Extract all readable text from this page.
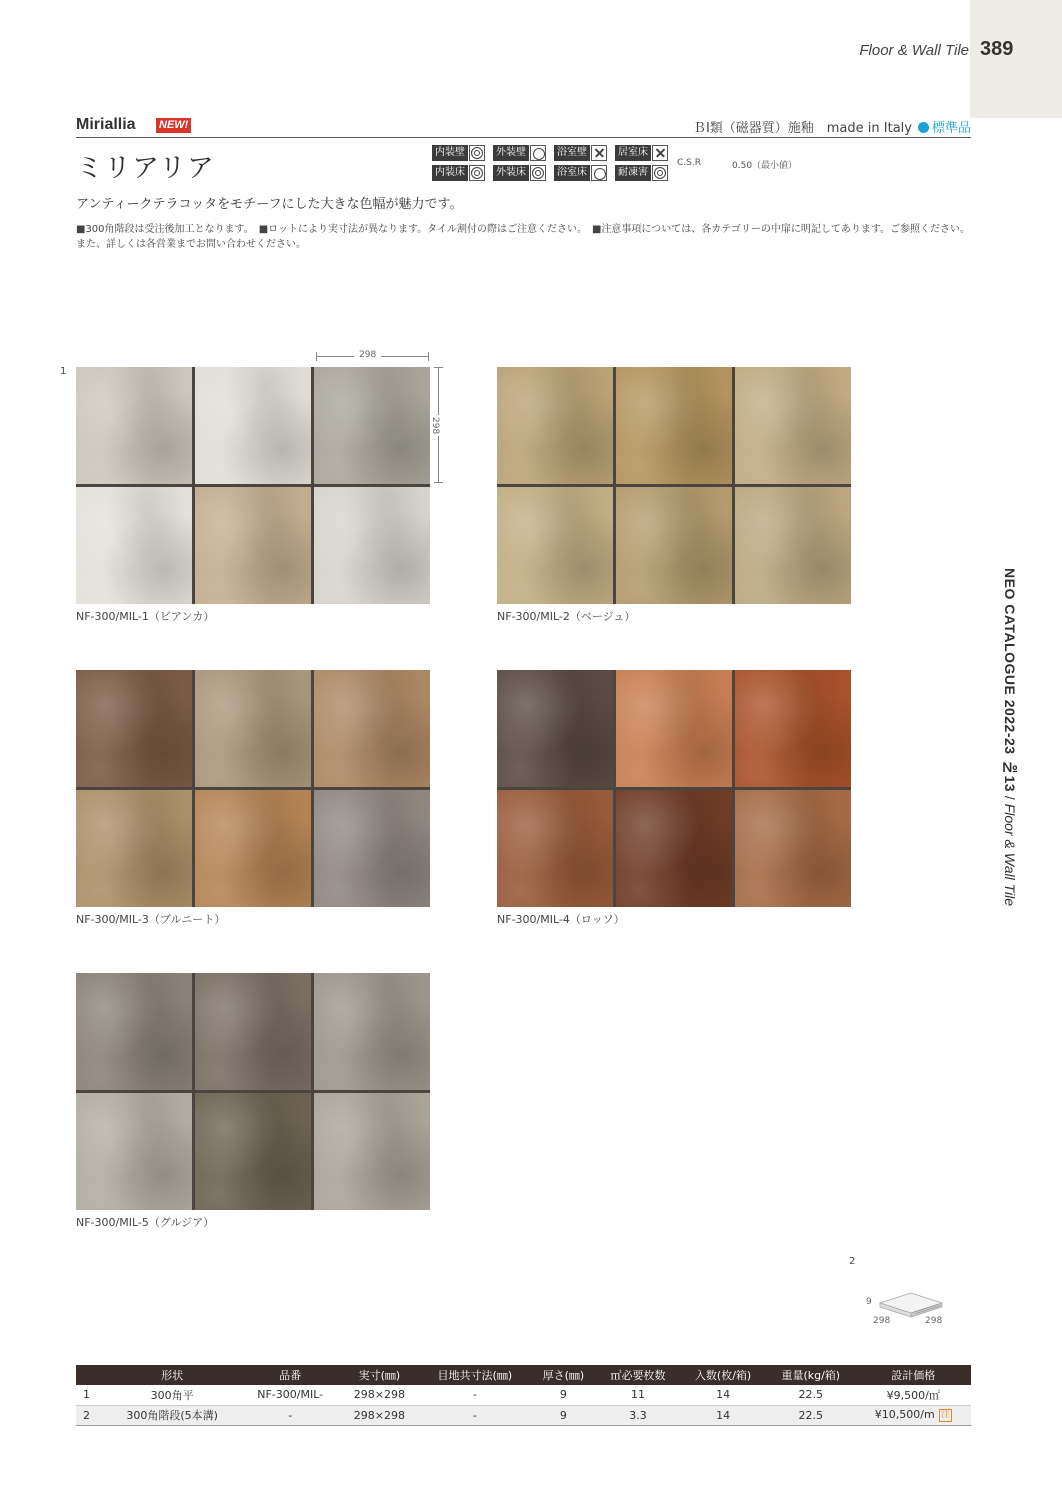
Floor & Wall Tile 389
Miriallia NEW!	ＢⅠ類（磁器質）施釉　made in Italy 標準品
ミリアリア
内装壁	外装壁	浴室壁	居室床
内装床	外装床	浴室床	耐凍害
C.S.R	0.50（最小値）
アンティークテラコッタをモチーフにした大きな色幅が魅力です。
■300角階段は受注後加工となります。　■ロットにより実寸法が異なります。タイル割付の際はご注意ください。　■注意事項については、各カテゴリーの中扉に明記してあります。ご参照ください。また、詳しくは各営業までお問い合わせください。
298
298
1
NF-300/MIL-1（ビアンカ）	NF-300/MIL-2（ベージュ）
NF-300/MIL-3（ブルニート）	NF-300/MIL-4（ロッソ）
NF-300/MIL-5（グルジア）
NEO CATALOGUE 2022-23 №13 / Floor & Wall Tile
2
9
298	298
	形状	品番	実寸(㎜)	目地共寸法(㎜)	厚さ(㎜)	㎡必要枚数	入数(枚/箱)	重量(kg/箱)	設計価格
1	300角平	NF-300/MIL-	298×298	-	9	11	14	22.5	¥9,500/㎡
2	300角階段(5本溝)	-	298×298	-	9	3.3	14	22.5	¥10,500/m 注
